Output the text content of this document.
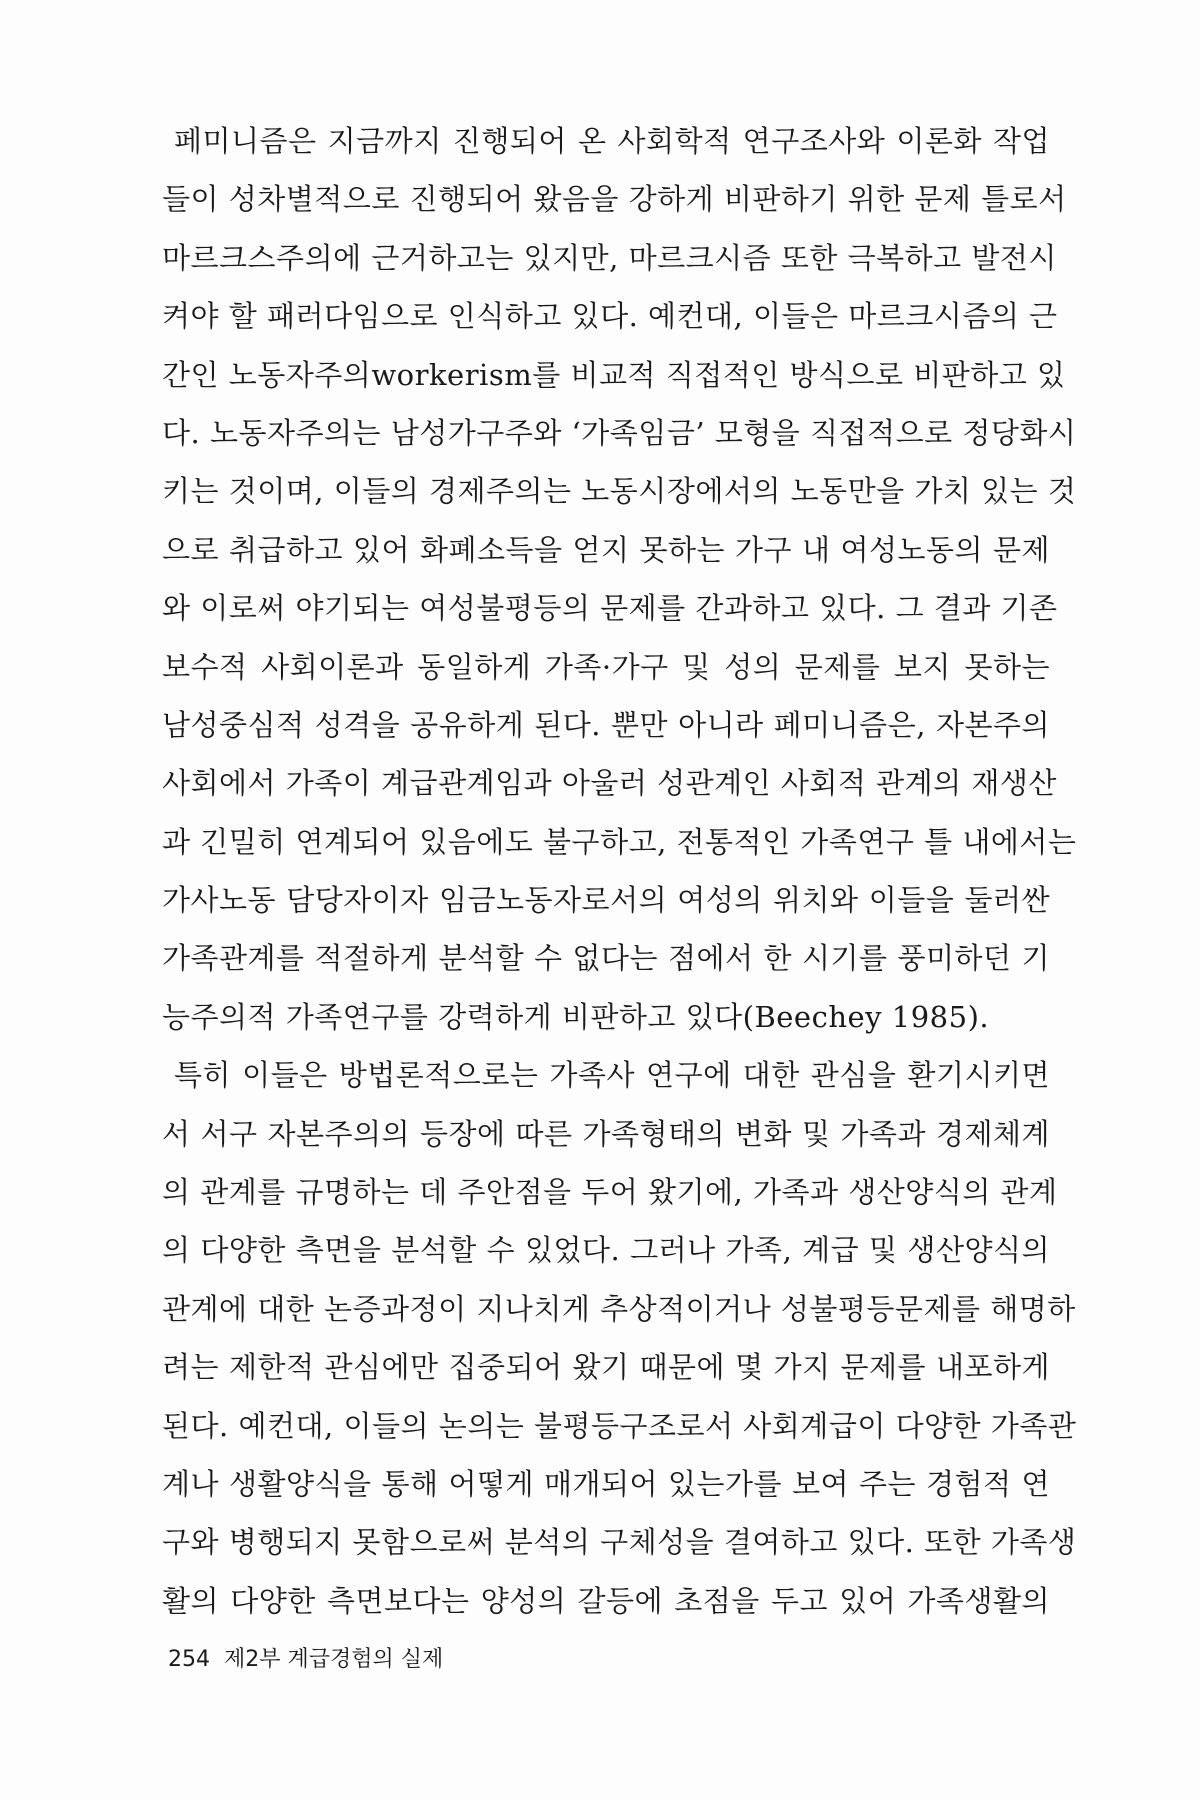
페미니즘은 지금까지 진행되어 온 사회학적 연구조사와 이론화 작업
들이 성차별적으로 진행되어 왔음을 강하게 비판하기 위한 문제 틀로서
마르크스주의에 근거하고는 있지만, 마르크시즘 또한 극복하고 발전시
켜야 할 패러다임으로 인식하고 있다. 예컨대, 이들은 마르크시즘의 근
간인 노동자주의workerism를 비교적 직접적인 방식으로 비판하고 있
다. 노동자주의는 남성가구주와 ‘가족임금’ 모형을 직접적으로 정당화시
키는 것이며, 이들의 경제주의는 노동시장에서의 노동만을 가치 있는 것
으로 취급하고 있어 화폐소득을 얻지 못하는 가구 내 여성노동의 문제
와 이로써 야기되는 여성불평등의 문제를 간과하고 있다. 그 결과 기존
보수적 사회이론과 동일하게 가족·가구 및 성의 문제를 보지 못하는
남성중심적 성격을 공유하게 된다. 뿐만 아니라 페미니즘은, 자본주의
사회에서 가족이 계급관계임과 아울러 성관계인 사회적 관계의 재생산
과 긴밀히 연계되어 있음에도 불구하고, 전통적인 가족연구 틀 내에서는
가사노동 담당자이자 임금노동자로서의 여성의 위치와 이들을 둘러싼
가족관계를 적절하게 분석할 수 없다는 점에서 한 시기를 풍미하던 기
능주의적 가족연구를 강력하게 비판하고 있다(Beechey 1985).
특히 이들은 방법론적으로는 가족사 연구에 대한 관심을 환기시키면
서 서구 자본주의의 등장에 따른 가족형태의 변화 및 가족과 경제체계
의 관계를 규명하는 데 주안점을 두어 왔기에, 가족과 생산양식의 관계
의 다양한 측면을 분석할 수 있었다. 그러나 가족, 계급 및 생산양식의
관계에 대한 논증과정이 지나치게 추상적이거나 성불평등문제를 해명하
려는 제한적 관심에만 집중되어 왔기 때문에 몇 가지 문제를 내포하게
된다. 예컨대, 이들의 논의는 불평등구조로서 사회계급이 다양한 가족관
계나 생활양식을 통해 어떻게 매개되어 있는가를 보여 주는 경험적 연
구와 병행되지 못함으로써 분석의 구체성을 결여하고 있다. 또한 가족생
활의 다양한 측면보다는 양성의 갈등에 초점을 두고 있어 가족생활의
254 제2부 계급경험의 실제
